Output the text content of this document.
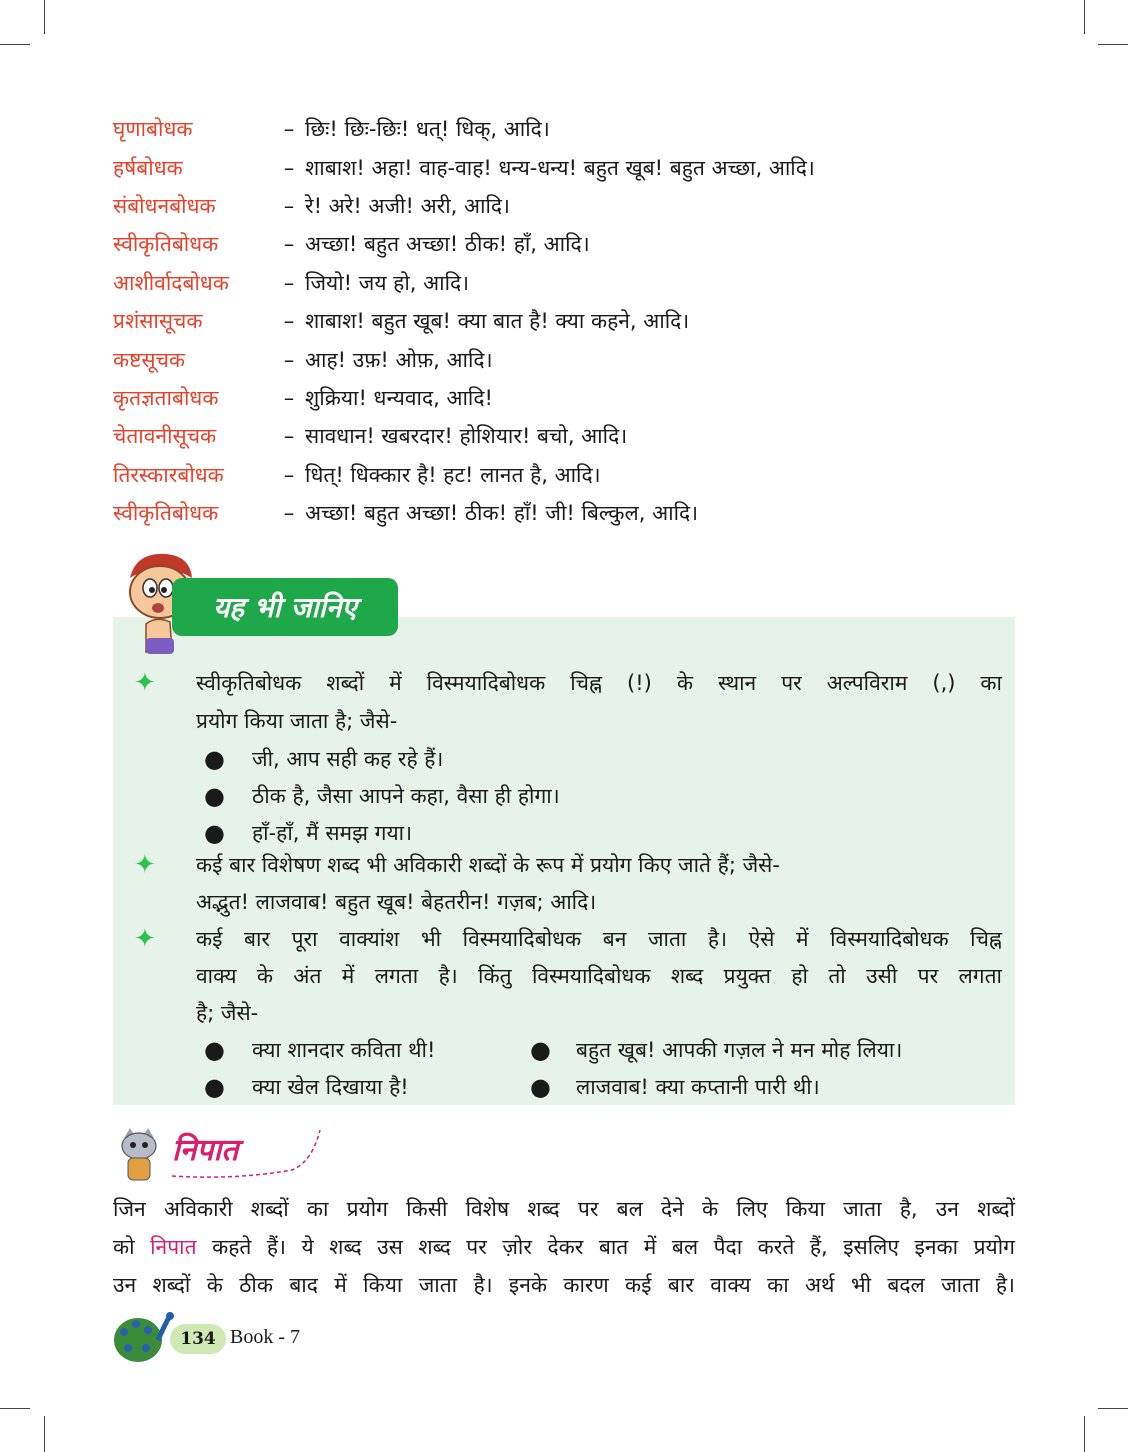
घृणाबोधक	– छिः! छिः-छिः! धत्! धिक्, आदि।
हर्षबोधक	– शाबाश! अहा! वाह-वाह! धन्य-धन्य! बहुत खूब! बहुत अच्छा, आदि।
संबोधनबोधक	– रे! अरे! अजी! अरी, आदि।
स्वीकृतिबोधक	– अच्छा! बहुत अच्छा! ठीक! हाँ, आदि।
आशीर्वादबोधक	– जियो! जय हो, आदि।
प्रशंसासूचक	– शाबाश! बहुत खूब! क्या बात है! क्या कहने, आदि।
कष्टसूचक	– आह! उफ़! ओफ़, आदि।
कृतज्ञताबोधक	– शुक्रिया! धन्यवाद, आदि!
चेतावनीसूचक	– सावधान! खबरदार! होशियार! बचो, आदि।
तिरस्कारबोधक	– धित्! धिक्कार है! हट! लानत है, आदि।
स्वीकृतिबोधक	– अच्छा! बहुत अच्छा! ठीक! हाँ! जी! बिल्कुल, आदि।
यह भी जानिए
✦ स्वीकृतिबोधक शब्दों में विस्मयादिबोधक चिह्न (!) के स्थान पर अल्पविराम (,) का
प्रयोग किया जाता है; जैसे-
● जी, आप सही कह रहे हैं।
● ठीक है, जैसा आपने कहा, वैसा ही होगा।
● हाँ-हाँ, मैं समझ गया।
✦ कई बार विशेषण शब्द भी अविकारी शब्दों के रूप में प्रयोग किए जाते हैं; जैसे-
अद्भुत! लाजवाब! बहुत खूब! बेहतरीन! गज़ब; आदि।
✦ कई बार पूरा वाक्यांश भी विस्मयादिबोधक बन जाता है। ऐसे में विस्मयादिबोधक चिह्न
वाक्य के अंत में लगता है। किंतु विस्मयादिबोधक शब्द प्रयुक्त हो तो उसी पर लगता
है; जैसे-
● क्या शानदार कविता थी!	● बहुत खूब! आपकी गज़ल ने मन मोह लिया।
● क्या खेल दिखाया है!	● लाजवाब! क्या कप्तानी पारी थी।
निपात
जिन अविकारी शब्दों का प्रयोग किसी विशेष शब्द पर बल देने के लिए किया जाता है, उन शब्दों
को निपात कहते हैं। ये शब्द उस शब्द पर ज़ोर देकर बात में बल पैदा करते हैं, इसलिए इनका प्रयोग
उन शब्दों के ठीक बाद में किया जाता है। इनके कारण कई बार वाक्य का अर्थ भी बदल जाता है।
134 Book - 7
